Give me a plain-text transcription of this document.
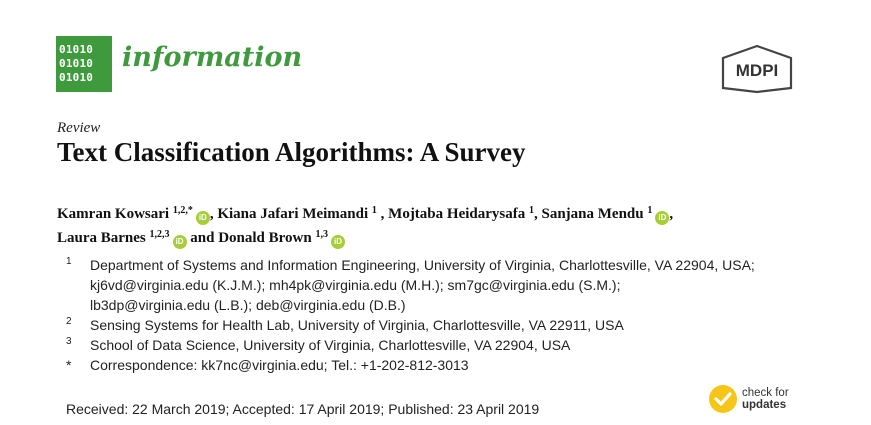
01010
01010
01010
information	MDPI
Review
Text Classification Algorithms: A Survey
Kamran Kowsari $^{1,2,*}$iD , Kiana Jafari Meimandi $^1$ , Mojtaba Heidarysafa $^1$, Sanjana Mendu $^1$iD ,
Laura Barnes $^{1,2,3}$iD and Donald Brown $^{1,3}$iD
1	Department of Systems and Information Engineering, University of Virginia, Charlottesville, VA 22904, USA;
kj6vd@virginia.edu (K.J.M.); mh4pk@virginia.edu (M.H.); sm7gc@virginia.edu (S.M.);
lb3dp@virginia.edu (L.B.); deb@virginia.edu (D.B.)
2	Sensing Systems for Health Lab, University of Virginia, Charlottesville, VA 22911, USA
3	School of Data Science, University of Virginia, Charlottesville, VA 22904, USA
*	Correspondence: kk7nc@virginia.edu; Tel.: +1-202-812-3013
check for
updates
Received: 22 March 2019; Accepted: 17 April 2019; Published: 23 April 2019
